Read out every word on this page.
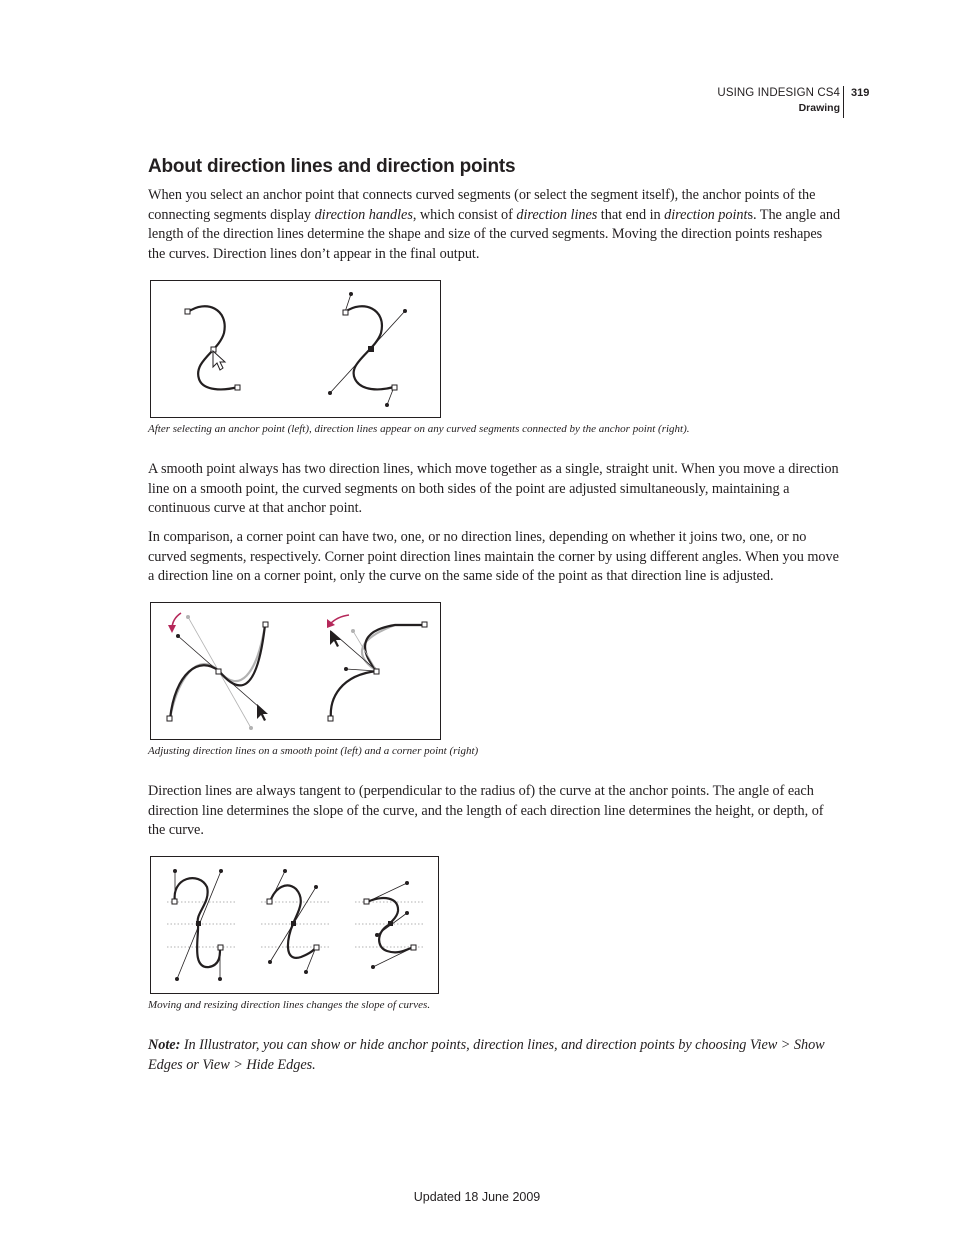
USING INDESIGN CS4
Drawing
319
About direction lines and direction points

When you select an anchor point that connects curved segments (or select the segment itself), the anchor points of the connecting segments display direction handles, which consist of direction lines that end in direction points. The angle and length of the direction lines determine the shape and size of the curved segments. Moving the direction points reshapes the curves. Direction lines don’t appear in the final output.

After selecting an anchor point (left), direction lines appear on any curved segments connected by the anchor point (right).

A smooth point always has two direction lines, which move together as a single, straight unit. When you move a direction line on a smooth point, the curved segments on both sides of the point are adjusted simultaneously, maintaining a continuous curve at that anchor point.

In comparison, a corner point can have two, one, or no direction lines, depending on whether it joins two, one, or no curved segments, respectively. Corner point direction lines maintain the corner by using different angles. When you move a direction line on a corner point, only the curve on the same side of the point as that direction line is adjusted.

Adjusting direction lines on a smooth point (left) and a corner point (right)

Direction lines are always tangent to (perpendicular to the radius of) the curve at the anchor points. The angle of each direction line determines the slope of the curve, and the length of each direction line determines the height, or depth, of the curve.

Moving and resizing direction lines changes the slope of curves.

Note: In Illustrator, you can show or hide anchor points, direction lines, and direction points by choosing View > Show Edges or View > Hide Edges.

Updated 18 June 2009
